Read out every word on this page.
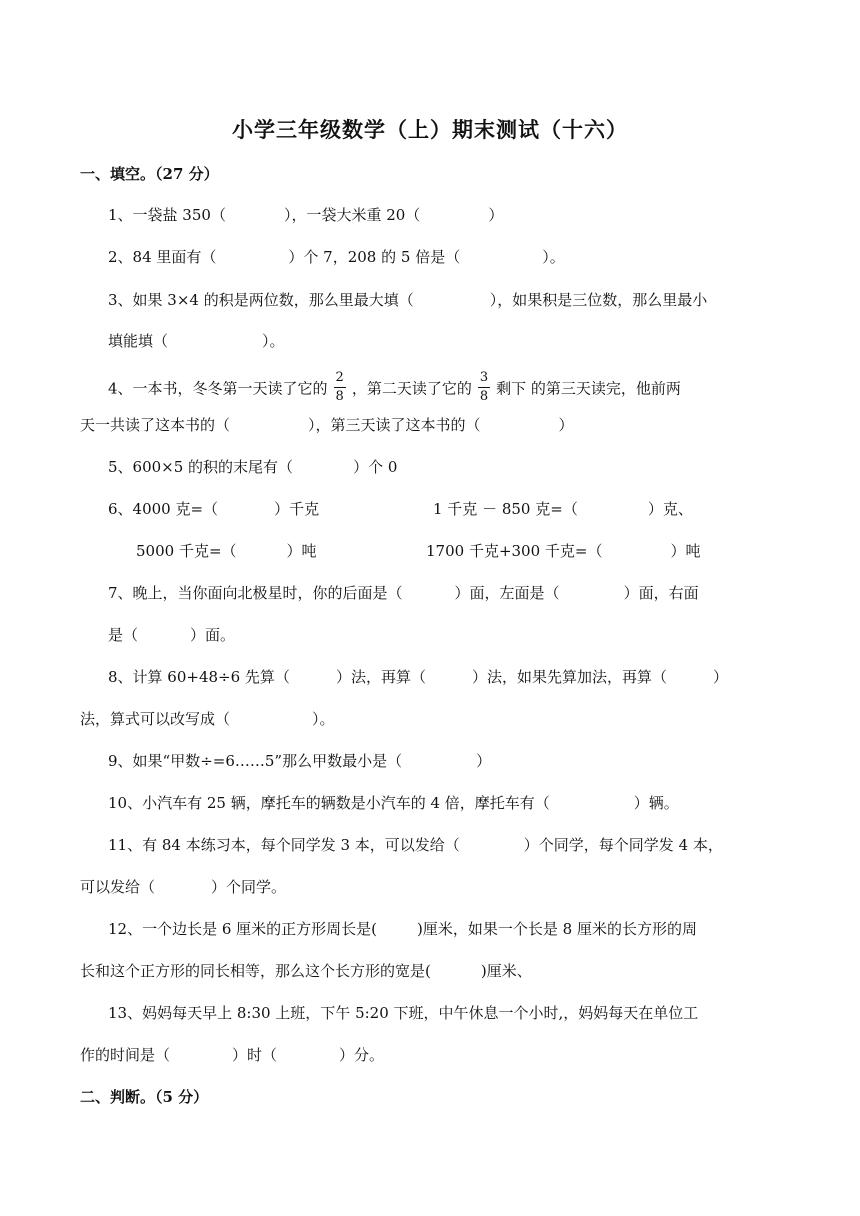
小学三年级数学（上）期末测试（十六）
一、填空。（27 分）
1、一袋盐 350（	），一袋大米重 20（	）
2、84 里面有（	）个 7，208 的 5 倍是（	）。
3、如果 3×4 的积是两位数，那么里最大填（	），如果积是三位数，那么里最小
填能填（	）。
4、一本书，冬冬第一天读了它的 $\frac{2}{8}$ ，第二天读了它的 $\frac{3}{8}$ 剩下 的第三天读完，他前两
天一共读了这本书的（	），第三天读了这本书的（	）
5、600×5 的积的末尾有（	）个 0
6、4000 克=（	）千克	1 千克 － 850 克=（	）克、
5000 千克=（	）吨	1700 千克+300 千克=（	）吨
7、晚上，当你面向北极星时，你的后面是（	）面，左面是（	）面，右面
是（	）面。
8、计算 60+48÷6 先算（	）法，再算（	）法，如果先算加法，再算（	）
法，算式可以改写成（	）。
9、如果“甲数÷=6……5”那么甲数最小是（	）
10、小汽车有 25 辆，摩托车的辆数是小汽车的 4 倍，摩托车有（	）辆。
11、有 84 本练习本，每个同学发 3 本，可以发给（	）个同学，每个同学发 4 本，
可以发给（	）个同学。
12、一个边长是 6 厘米的正方形周长是(	)厘米，如果一个长是 8 厘米的长方形的周
长和这个正方形的同长相等，那么这个长方形的宽是(	)厘米、
13、妈妈每天早上 8:30 上班，下午 5:20 下班，中午休息一个小时,，妈妈每天在单位工
作的时间是（	）时（	）分。
二、判断。（5 分）
